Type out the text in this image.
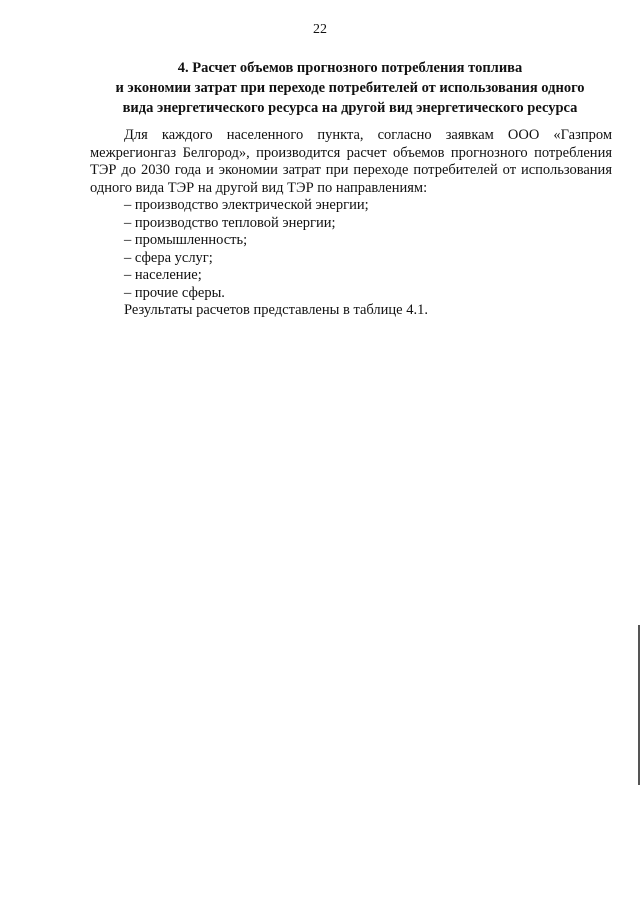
22
4. Расчет объемов прогнозного потребления топлива
и экономии затрат при переходе потребителей от использования одного
вида энергетического ресурса на другой вид энергетического ресурса

Для каждого населенного пункта, согласно заявкам ООО «Газпром межрегионгаз Белгород», производится расчет объемов прогнозного потребления ТЭР до 2030 года и экономии затрат при переходе потребителей от использования одного вида ТЭР на другой вид ТЭР по направлениям:

– производство электрической энергии;
– производство тепловой энергии;
– промышленность;
– сфера услуг;
– население;
– прочие сферы.

Результаты расчетов представлены в таблице 4.1.
